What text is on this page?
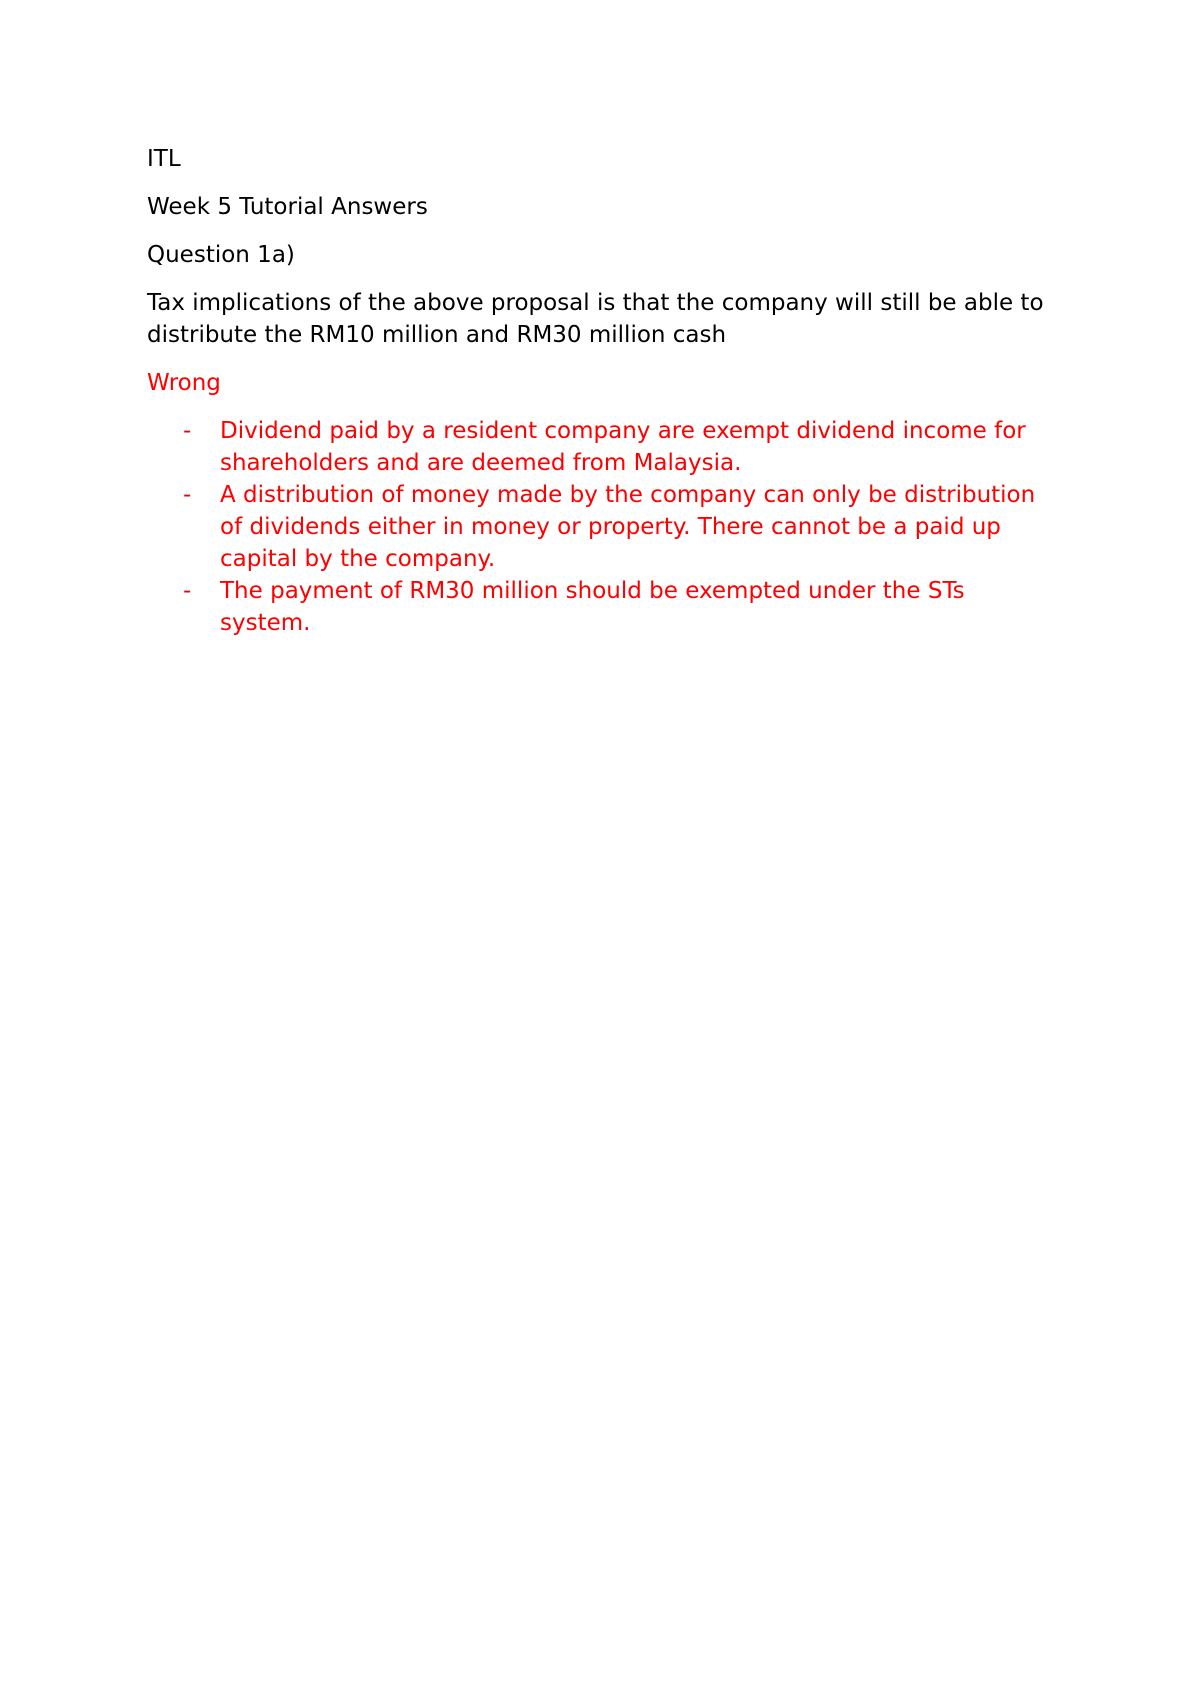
ITL

Week 5 Tutorial Answers

Question 1a)

Tax implications of the above proposal is that the company will still be able to distribute the RM10 million and RM30 million cash

Wrong

- Dividend paid by a resident company are exempt dividend income for shareholders and are deemed from Malaysia.
- A distribution of money made by the company can only be distribution of dividends either in money or property. There cannot be a paid up capital by the company.
- The payment of RM30 million should be exempted under the STs system.
